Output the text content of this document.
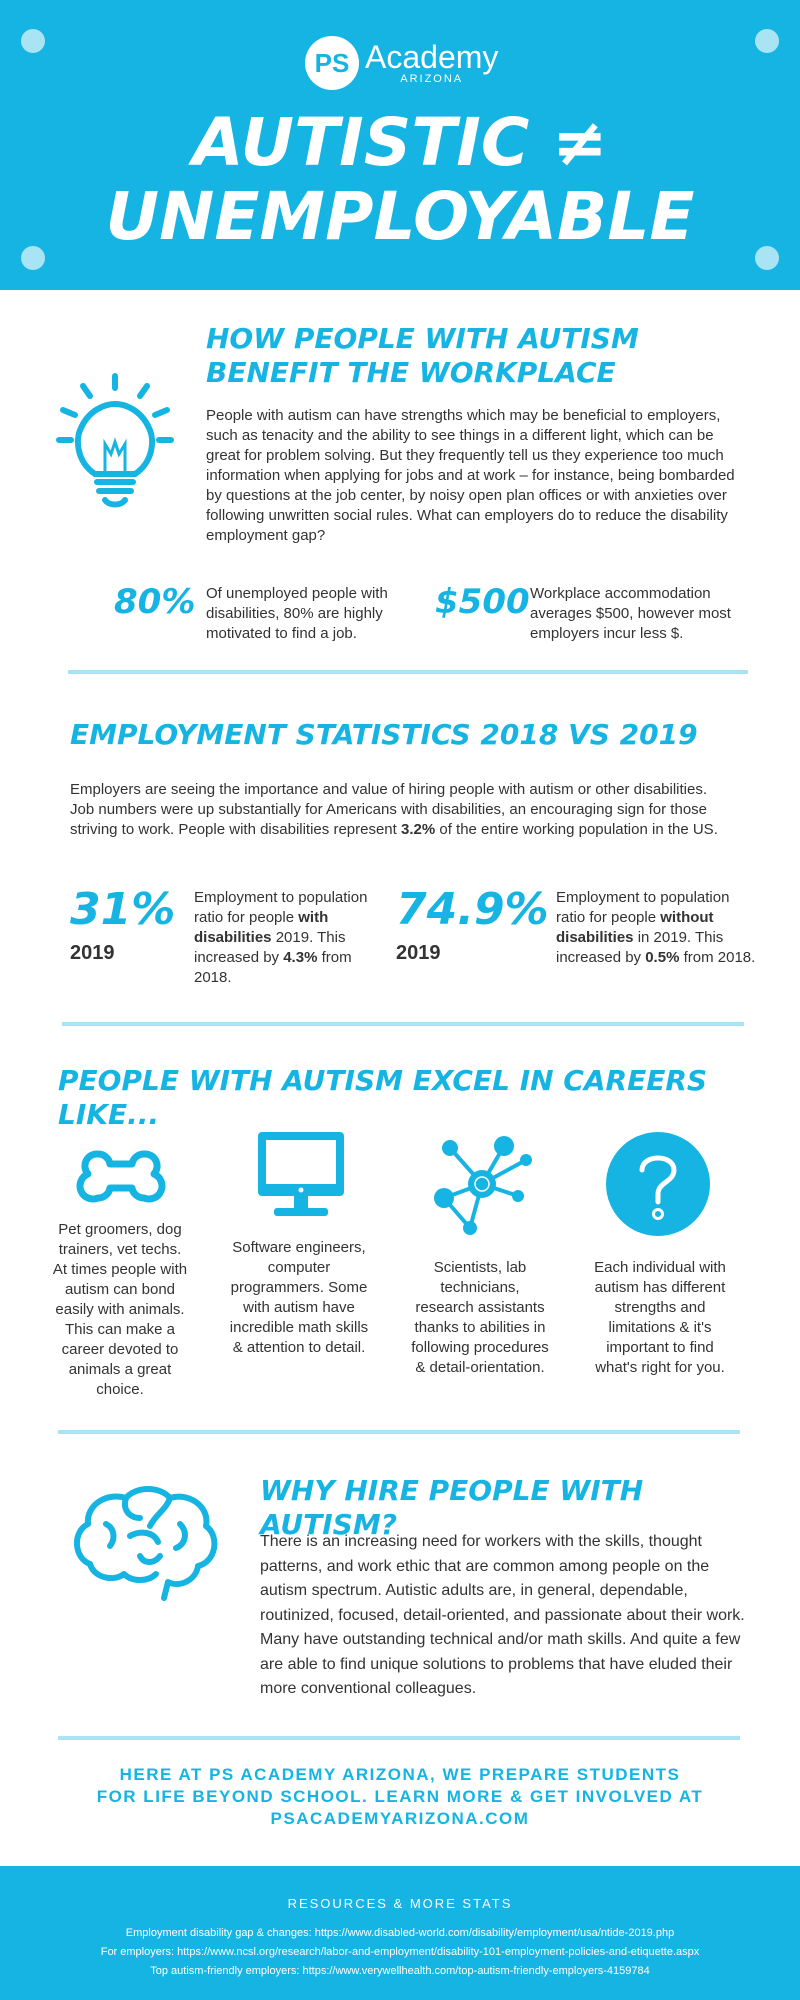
PS Academy
ARIZONA
AUTISTIC ≠
UNEMPLOYABLE
HOW PEOPLE WITH AUTISM
BENEFIT THE WORKPLACE
People with autism can have strengths which may be beneficial to employers, such as tenacity and the ability to see things in a different light, which can be great for problem solving. But they frequently tell us they experience too much information when applying for jobs and at work – for instance, being bombarded by questions at the job center, by noisy open plan offices or with anxieties over following unwritten social rules. What can employers do to reduce the disability employment gap?
80% Of unemployed people with disabilities, 80% are highly motivated to find a job.
$500 Workplace accommodation averages $500, however most employers incur less $.
EMPLOYMENT STATISTICS 2018 VS 2019
Employers are seeing the importance and value of hiring people with autism or other disabilities. Job numbers were up substantially for Americans with disabilities, an encouraging sign for those striving to work. People with disabilities represent 3.2% of the entire working population in the US.
31%
2019
Employment to population ratio for people with disabilities 2019. This increased by 4.3% from 2018.
74.9%
2019
Employment to population ratio for people without disabilities in 2019. This increased by 0.5% from 2018.
PEOPLE WITH AUTISM EXCEL IN CAREERS LIKE...
Pet groomers, dog trainers, vet techs. At times people with autism can bond easily with animals. This can make a career devoted to animals a great choice.
Software engineers, computer programmers. Some with autism have incredible math skills & attention to detail.
Scientists, lab technicians, research assistants thanks to abilities in following procedures & detail-orientation.
Each individual with autism has different strengths and limitations & it's important to find what's right for you.
WHY HIRE PEOPLE WITH AUTISM?
There is an increasing need for workers with the skills, thought patterns, and work ethic that are common among people on the autism spectrum. Autistic adults are, in general, dependable, routinized, focused, detail-oriented, and passionate about their work. Many have outstanding technical and/or math skills. And quite a few are able to find unique solutions to problems that have eluded their more conventional colleagues.
HERE AT PS ACADEMY ARIZONA, WE PREPARE STUDENTS
FOR LIFE BEYOND SCHOOL. LEARN MORE & GET INVOLVED AT
PSACADEMYARIZONA.COM
RESOURCES & MORE STATS
Employment disability gap & changes: https://www.disabled-world.com/disability/employment/usa/ntide-2019.php
For employers: https://www.ncsl.org/research/labor-and-employment/disability-101-employment-policies-and-etiquette.aspx
Top autism-friendly employers: https://www.verywellhealth.com/top-autism-friendly-employers-4159784
